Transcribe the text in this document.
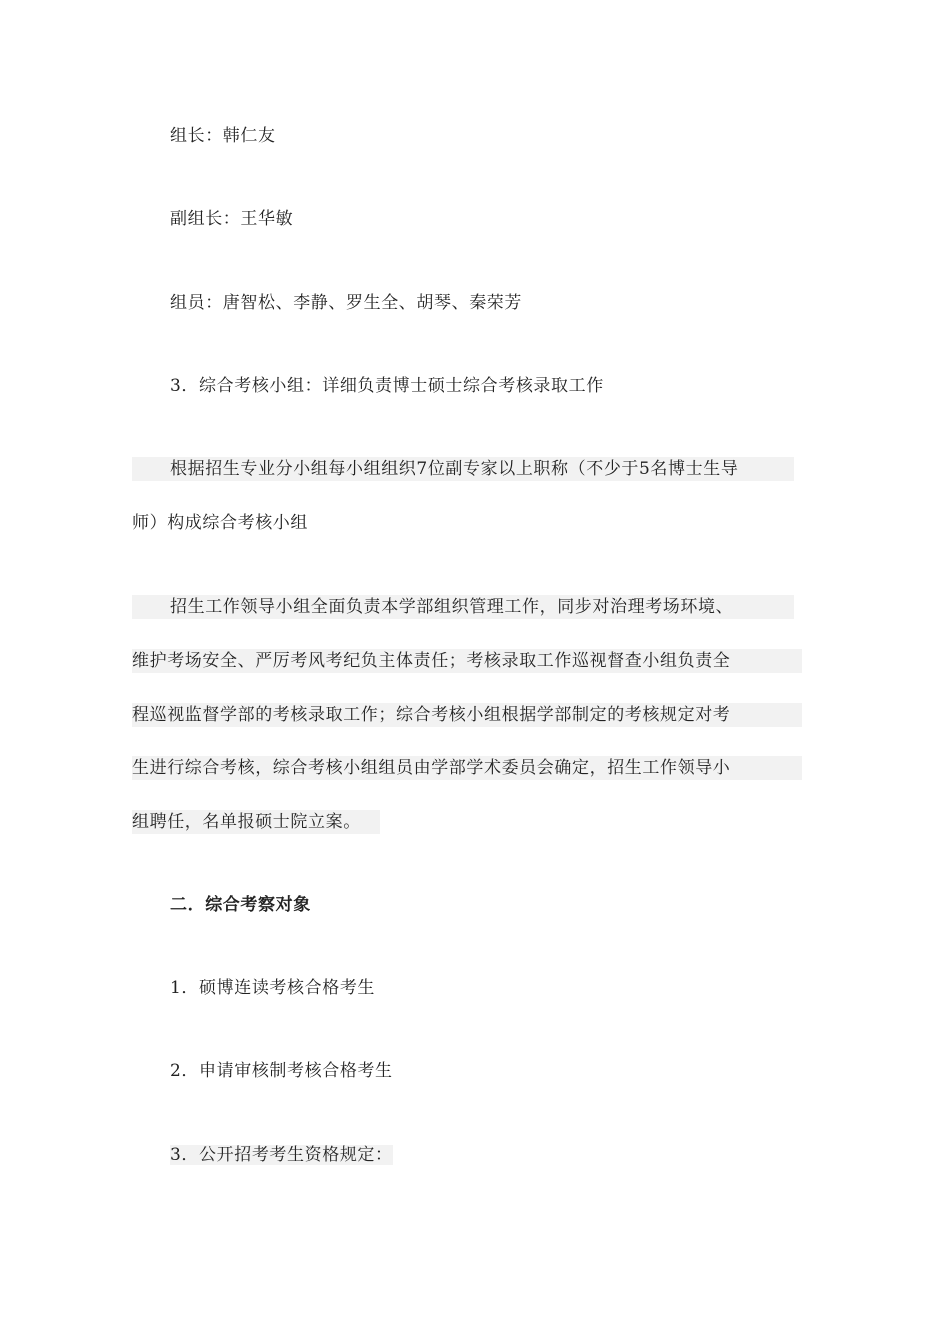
组长：韩仁友
副组长：王华敏
组员：唐智松、李静、罗生全、胡琴、秦荣芳
3．综合考核小组：详细负责博士硕士综合考核录取工作
根据招生专业分小组每小组组织7位副专家以上职称（不少于5名博士生导
师）构成综合考核小组
招生工作领导小组全面负责本学部组织管理工作，同步对治理考场环境、
维护考场安全、严厉考风考纪负主体责任；考核录取工作巡视督查小组负责全
程巡视监督学部的考核录取工作；综合考核小组根据学部制定的考核规定对考
生进行综合考核，综合考核小组组员由学部学术委员会确定，招生工作领导小
组聘任，名单报硕士院立案。
二．综合考察对象
1．硕博连读考核合格考生
2．申请审核制考核合格考生
3．公开招考考生资格规定：
